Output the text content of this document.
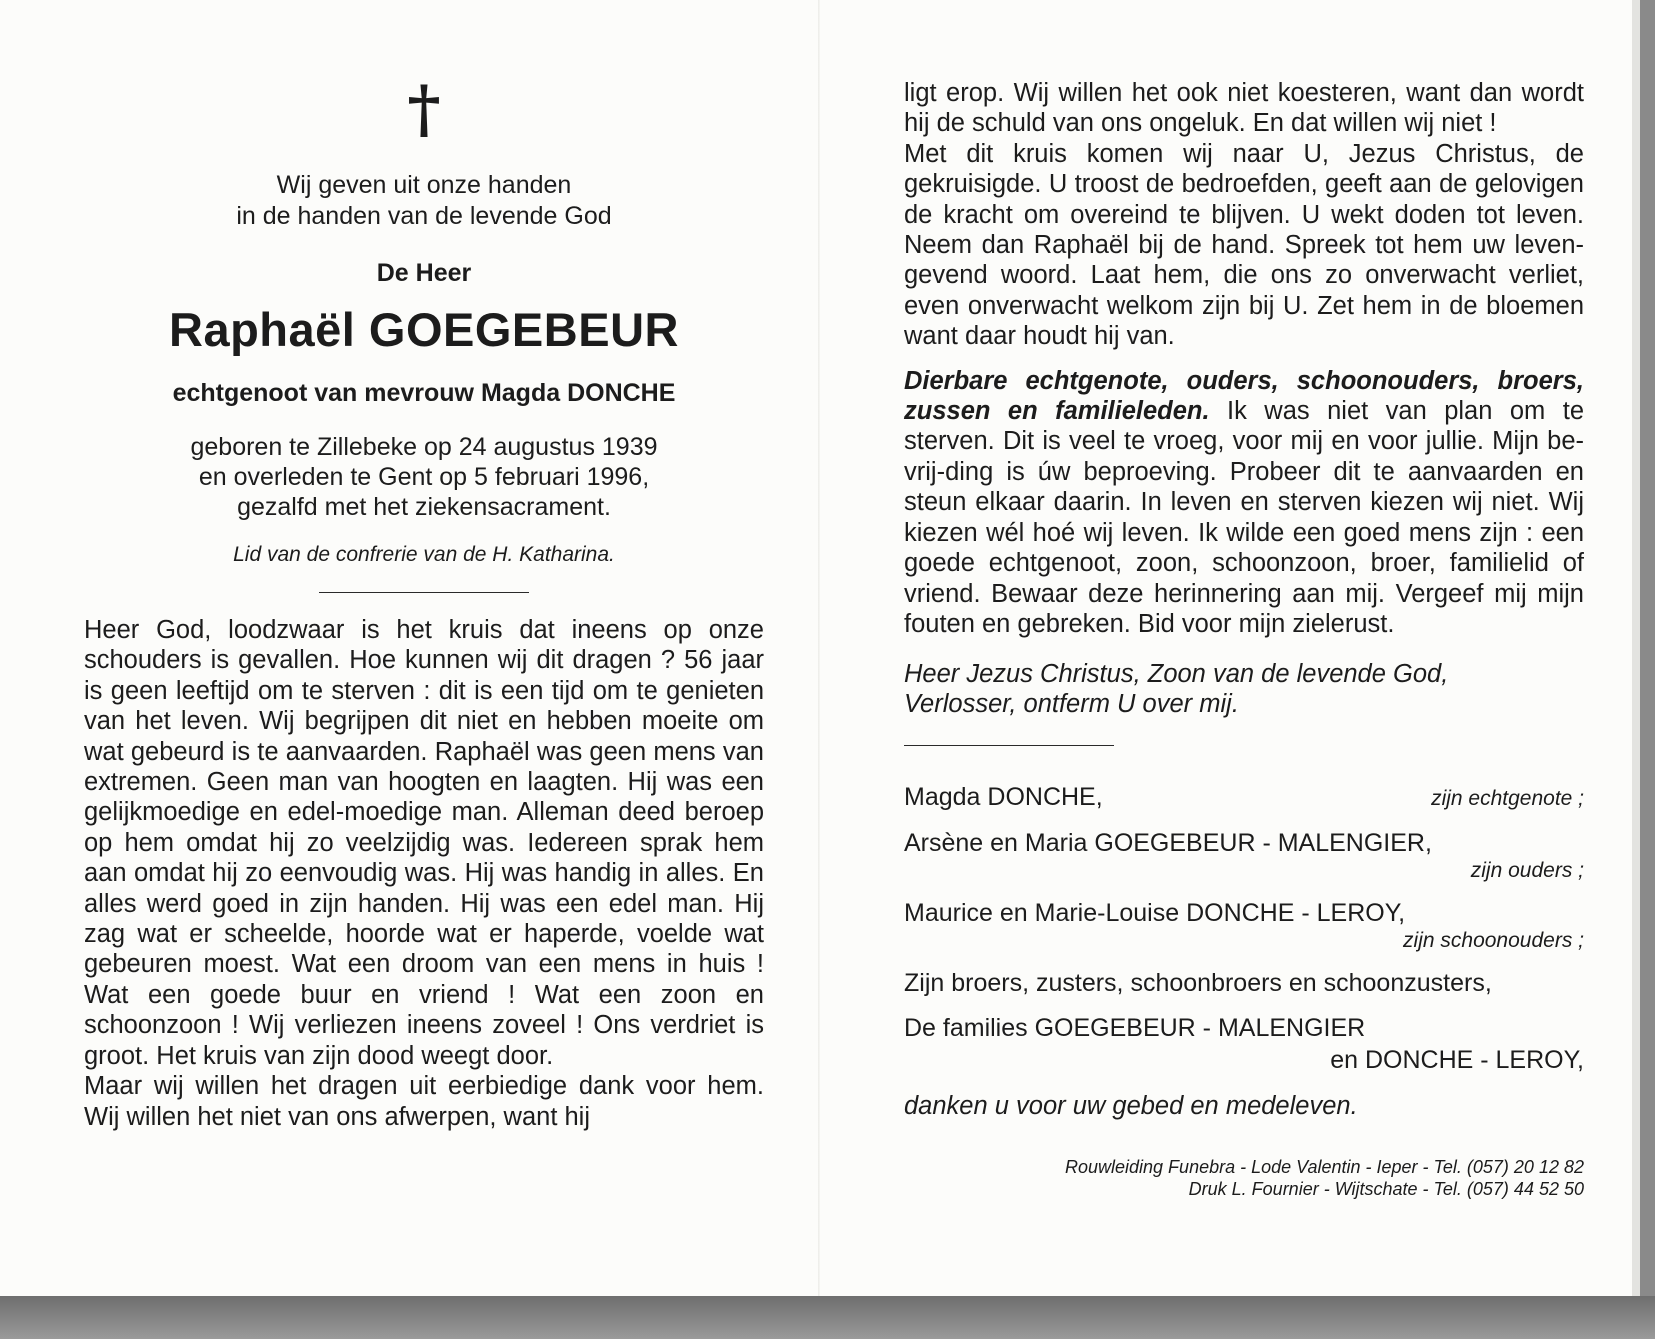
†
Wij geven uit onze handen
in de handen van de levende God
De Heer
Raphaël GOEGEBEUR
echtgenoot van mevrouw Magda DONCHE
geboren te Zillebeke op 24 augustus 1939
en overleden te Gent op 5 februari 1996,
gezalfd met het ziekensacrament.
Lid van de confrerie van de H. Katharina.

Heer God, loodzwaar is het kruis dat ineens op onze schouders is gevallen. Hoe kunnen wij dit dragen ? 56 jaar is geen leeftijd om te sterven : dit is een tijd om te genieten van het leven. Wij begrijpen dit niet en hebben moeite om wat gebeurd is te aanvaarden. Raphaël was geen mens van extremen. Geen man van hoogten en laagten. Hij was een gelijkmoedige en edel-moedige man. Alleman deed beroep op hem omdat hij zo veelzijdig was. Iedereen sprak hem aan omdat hij zo eenvoudig was. Hij was handig in alles. En alles werd goed in zijn handen. Hij was een edel man. Hij zag wat er scheelde, hoorde wat er haperde, voelde wat gebeuren moest. Wat een droom van een mens in huis ! Wat een goede buur en vriend ! Wat een zoon en schoonzoon ! Wij verliezen ineens zoveel ! Ons verdriet is groot. Het kruis van zijn dood weegt door.

Maar wij willen het dragen uit eerbiedige dank voor hem. Wij willen het niet van ons afwerpen, want hij

ligt erop. Wij willen het ook niet koesteren, want dan wordt hij de schuld van ons ongeluk. En dat willen wij niet !

Met dit kruis komen wij naar U, Jezus Christus, de gekruisigde. U troost de bedroefden, geeft aan de gelovigen de kracht om overeind te blijven. U wekt doden tot leven. Neem dan Raphaël bij de hand. Spreek tot hem uw leven-gevend woord. Laat hem, die ons zo onverwacht verliet, even onverwacht welkom zijn bij U. Zet hem in de bloemen want daar houdt hij van.

Dierbare echtgenote, ouders, schoonouders, broers, zussen en familieleden. Ik was niet van plan om te sterven. Dit is veel te vroeg, voor mij en voor jullie. Mijn be-vrij-ding is úw beproeving. Probeer dit te aanvaarden en steun elkaar daarin. In leven en sterven kiezen wij niet. Wij kiezen wél hoé wij leven. Ik wilde een goed mens zijn : een goede echtgenoot, zoon, schoonzoon, broer, familielid of vriend. Bewaar deze herinnering aan mij. Vergeef mij mijn fouten en gebreken. Bid voor mijn zielerust.

Heer Jezus Christus, Zoon van de levende God,
Verlosser, ontferm U over mij.
Magda DONCHE,	zijn echtgenote ;
Arsène en Maria GOEGEBEUR - MALENGIER,
zijn ouders ;
Maurice en Marie-Louise DONCHE - LEROY,
zijn schoonouders ;
Zijn broers, zusters, schoonbroers en schoonzusters,
De families GOEGEBEUR - MALENGIER
en DONCHE - LEROY,
danken u voor uw gebed en medeleven.
Rouwleiding Funebra - Lode Valentin - Ieper - Tel. (057) 20 12 82
Druk L. Fournier - Wijtschate - Tel. (057) 44 52 50
